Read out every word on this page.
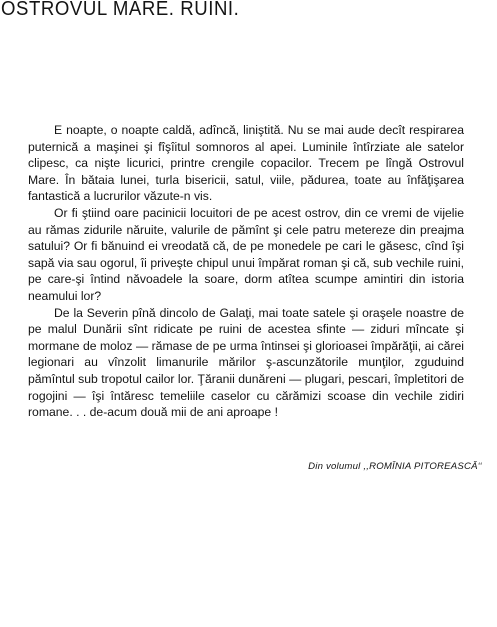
OSTROVUL MARE. RUINI.

E noapte, o noapte caldă, adîncă, liniştită. Nu se mai aude decît respirarea puternică a maşinei şi fîşîitul somnoros al apei. Luminile întîrziate ale satelor clipesc, ca nişte licurici, printre crengile copacilor. Trecem pe lîngă Ostrovul Mare. În bătaia lunei, turla bisericii, satul, viile, pădurea, toate au înfăţişarea fantastică a lucrurilor văzute-n vis.

Or fi ştiind oare pacinicii locuitori de pe acest ostrov, din ce vremi de vijelie au rămas zidurile năruite, valurile de pămînt şi cele patru metereze din preajma satului? Or fi bănuind ei vreodată că, de pe monedele pe cari le găsesc, cînd îşi sapă via sau ogorul, îi priveşte chipul unui împărat roman şi că, sub vechile ruini, pe care-şi întind năvoadele la soare, dorm atîtea scumpe amintiri din istoria neamului lor?

De la Severin pînă dincolo de Galaţi, mai toate satele şi oraşele noastre de pe malul Dunării sînt ridicate pe ruini de acestea sfinte — ziduri mîncate şi mormane de moloz — rămase de pe urma întinsei şi glorioasei împărăţii, ai cărei legionari au vînzolit limanurile mărilor ş-ascunzătorile munţilor, zguduind pămîntul sub tropotul cailor lor. Ţăranii dunăreni — plugari, pescari, împletitori de rogojini — îşi întăresc temeliile caselor cu cărămizi scoase din vechile zidiri romane. . . de-acum două mii de ani aproape !

Din volumul ,,ROMÎNIA PITOREASCĂ‘‘
